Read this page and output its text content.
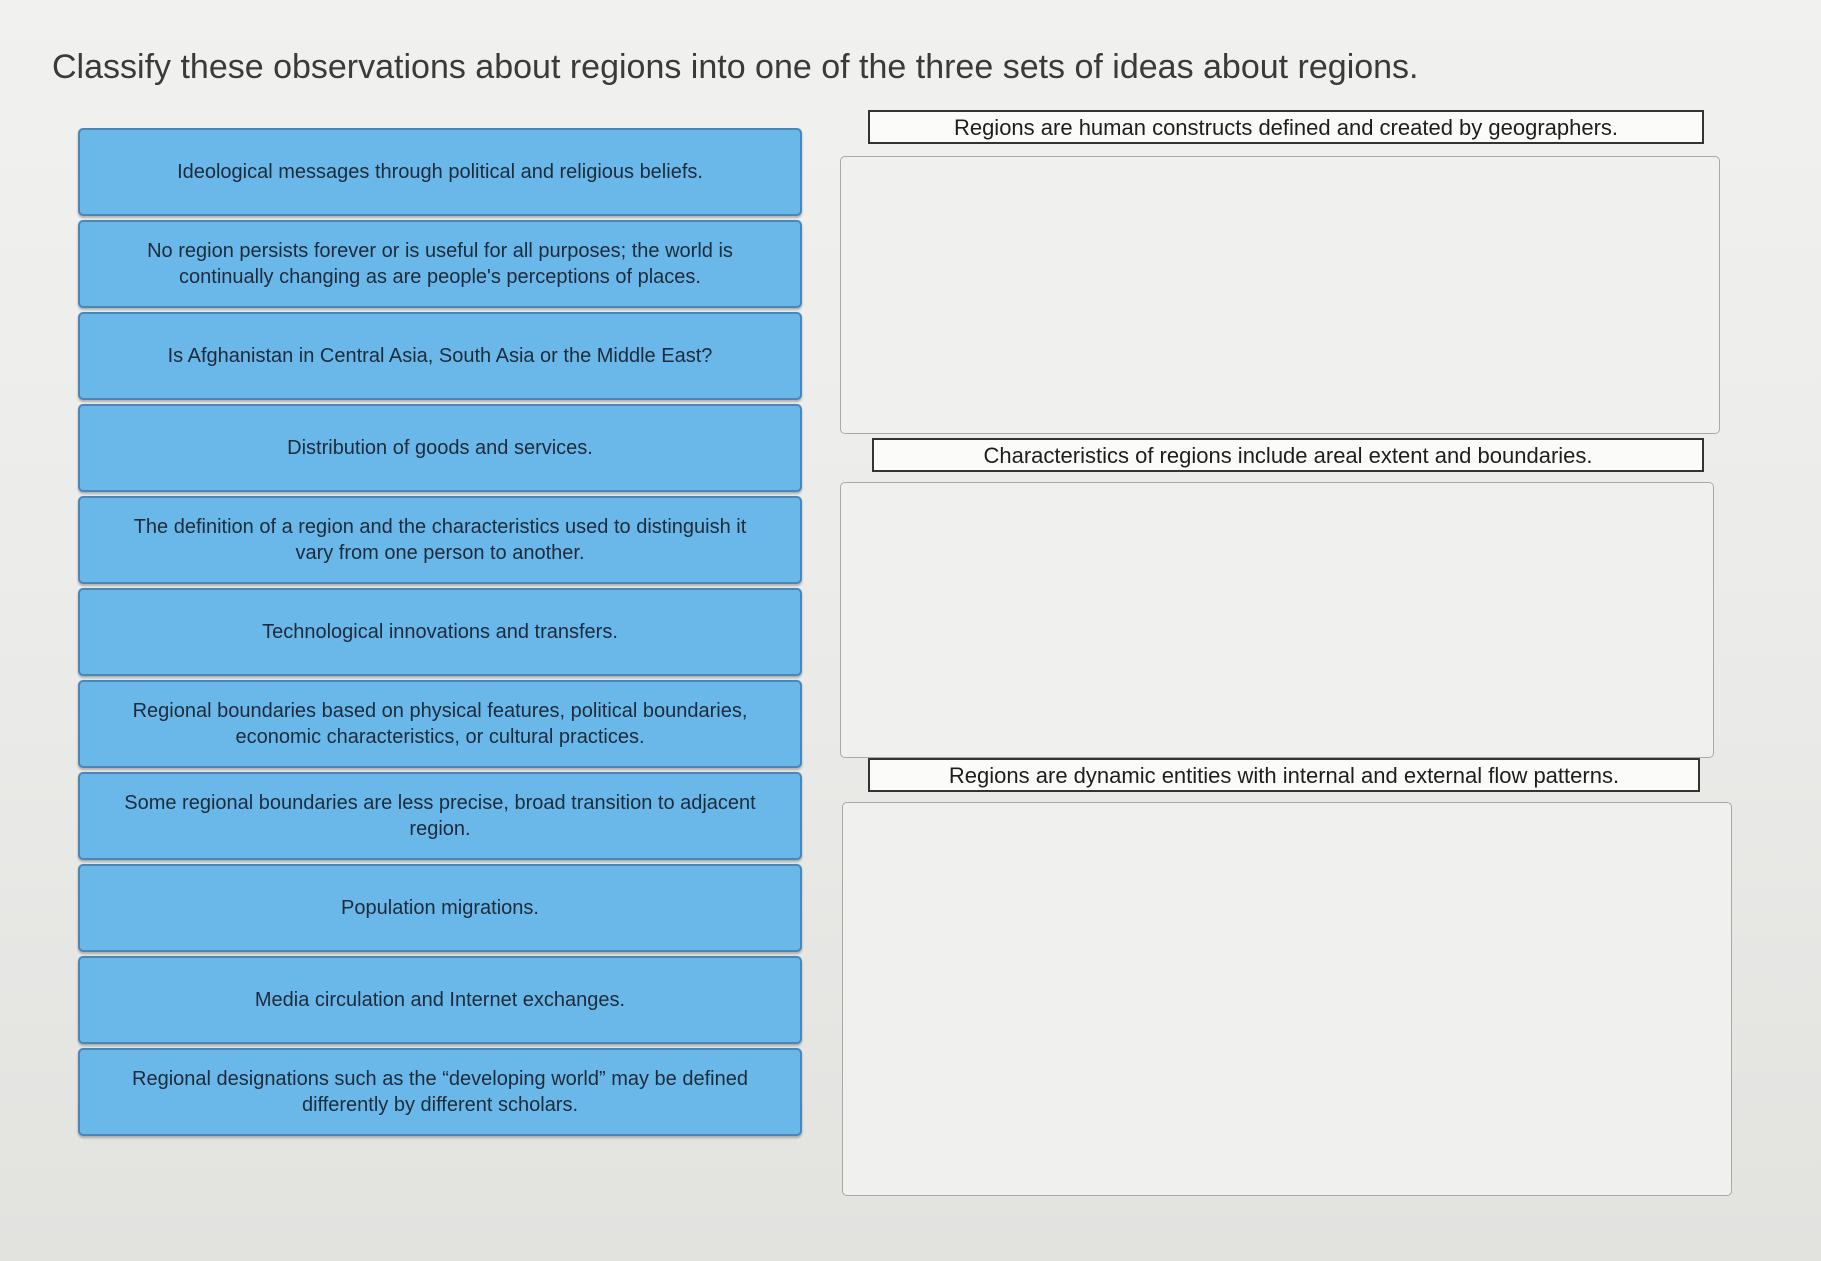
Classify these observations about regions into one of the three sets of ideas about regions.
Ideological messages through political and religious beliefs.
No region persists forever or is useful for all purposes; the world is continually changing as are people's perceptions of places.
Is Afghanistan in Central Asia, South Asia or the Middle East?
Distribution of goods and services.
The definition of a region and the characteristics used to distinguish it vary from one person to another.
Technological innovations and transfers.
Regional boundaries based on physical features, political boundaries, economic characteristics, or cultural practices.
Some regional boundaries are less precise, broad transition to adjacent region.
Population migrations.
Media circulation and Internet exchanges.
Regional designations such as the “developing world” may be defined differently by different scholars.
Regions are human constructs defined and created by geographers.
Characteristics of regions include areal extent and boundaries.
Regions are dynamic entities with internal and external flow patterns.
